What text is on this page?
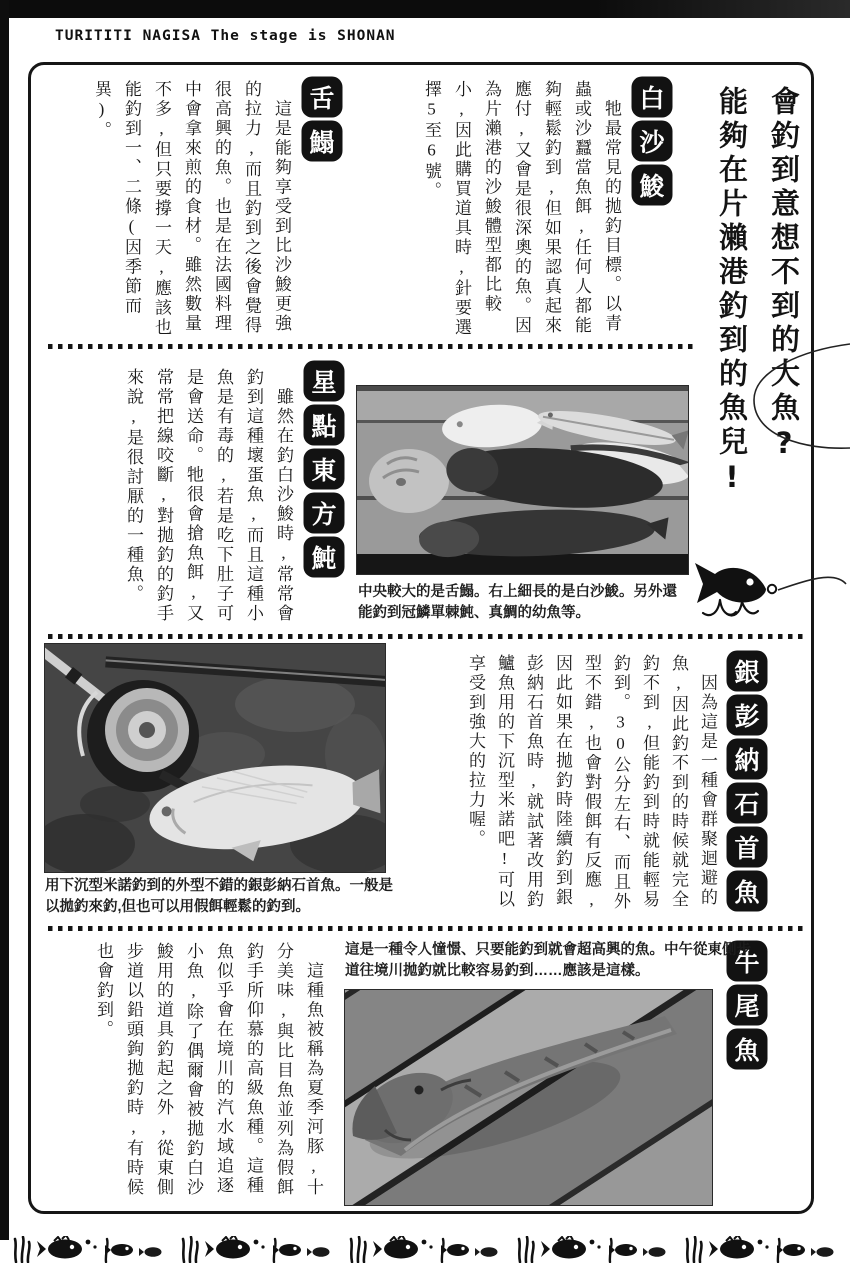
TURITITI NAGISA The stage is SHONAN
會釣到意想不到的大魚?
能夠在片瀨港釣到的魚兒!
白
沙
鮻
　牠最常見的拋釣目標。以青蟲或沙蠶當魚餌,任何人都能夠輕鬆釣到,但如果認真起來應付,又會是很深奧的魚。因為片瀨港的沙鮻體型都比較小,因此購買道具時,針要選擇5至6號。
舌
鰨
　這是能夠享受到比沙鮻更強的拉力,而且釣到之後會覺得很高興的魚。也是在法國料理中會拿來煎的食材。雖然數量不多,但只要撐一天,應該也能釣到一、二條(因季節而異)。
星
點
東
方
魨
　雖然在釣白沙鮻時,常常會釣到這種壞蛋魚,而且這種小魚是有毒的,若是吃下肚子可是會送命。牠很會搶魚餌,又常常把線咬斷,對拋釣的釣手來說,是很討厭的一種魚。	中央較大的是舌鰨。右上細長的是白沙鮻。另外還能釣到冠鱗單棘魨、真鯛的幼魚等。
銀
彭
納
石
首
魚
　因為這是一種會群聚迴避的魚,因此釣不到的時候就完全釣不到,但能釣到時就能輕易釣到。30公分左右、而且外型不錯,也會對假餌有反應,因此如果在拋釣時陸續釣到銀彭納石首魚時,就試著改用釣鱸魚用的下沉型米諾吧!可以享受到強大的拉力喔。
用下沉型米諾釣到的外型不錯的銀彭納石首魚。一般是以拋釣來釣,但也可以用假餌輕鬆的釣到。
牛
尾
魚
這是一種令人憧憬、只要能釣到就會超高興的魚。中午從東側步道往境川拋釣就比較容易釣到……應該是這樣。
　這種魚被稱為夏季河豚,十分美味,與比目魚並列為假餌釣手所仰慕的高級魚種。這種魚似乎會在境川的汽水域追逐小魚,除了偶爾會被拋釣白沙鮻用的道具釣起之外,從東側步道以鉛頭鉤拋釣時,有時候也會釣到。
